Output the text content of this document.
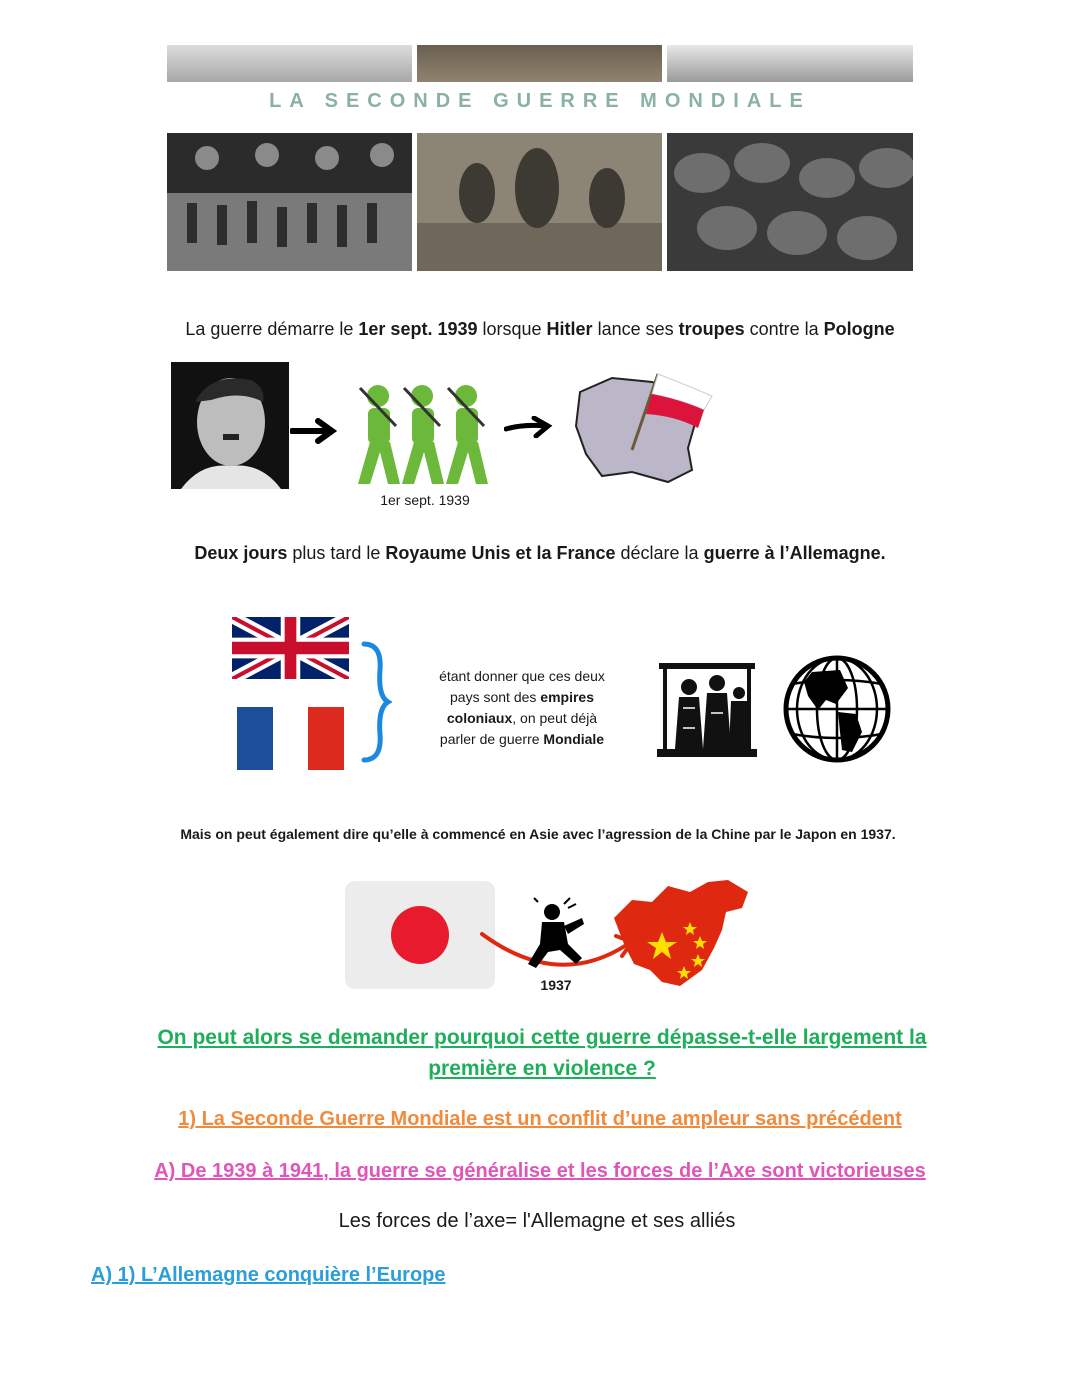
LA SECONDE GUERRE MONDIALE
La guerre démarre le 1er sept. 1939 lorsque Hitler lance ses troupes contre la Pologne
1er sept. 1939
Deux jours plus tard le Royaume Unis et la France déclare la guerre à l’Allemagne.
étant donner que ces deux
pays sont des empires
coloniaux, on peut déjà
parler de guerre Mondiale
Mais on peut également dire qu’elle à commencé en Asie avec l’agression de la Chine par le Japon en 1937.
1937
On peut alors se demander pourquoi cette guerre dépasse-t-elle largement la
première en violence ?
1) La Seconde Guerre Mondiale est un conflit d’une ampleur sans précédent
A) De 1939 à 1941, la guerre se généralise et les forces de l’Axe sont victorieuses
Les forces de l’axe= l'Allemagne et ses alliés
A) 1) L’Allemagne conquière l’Europe
